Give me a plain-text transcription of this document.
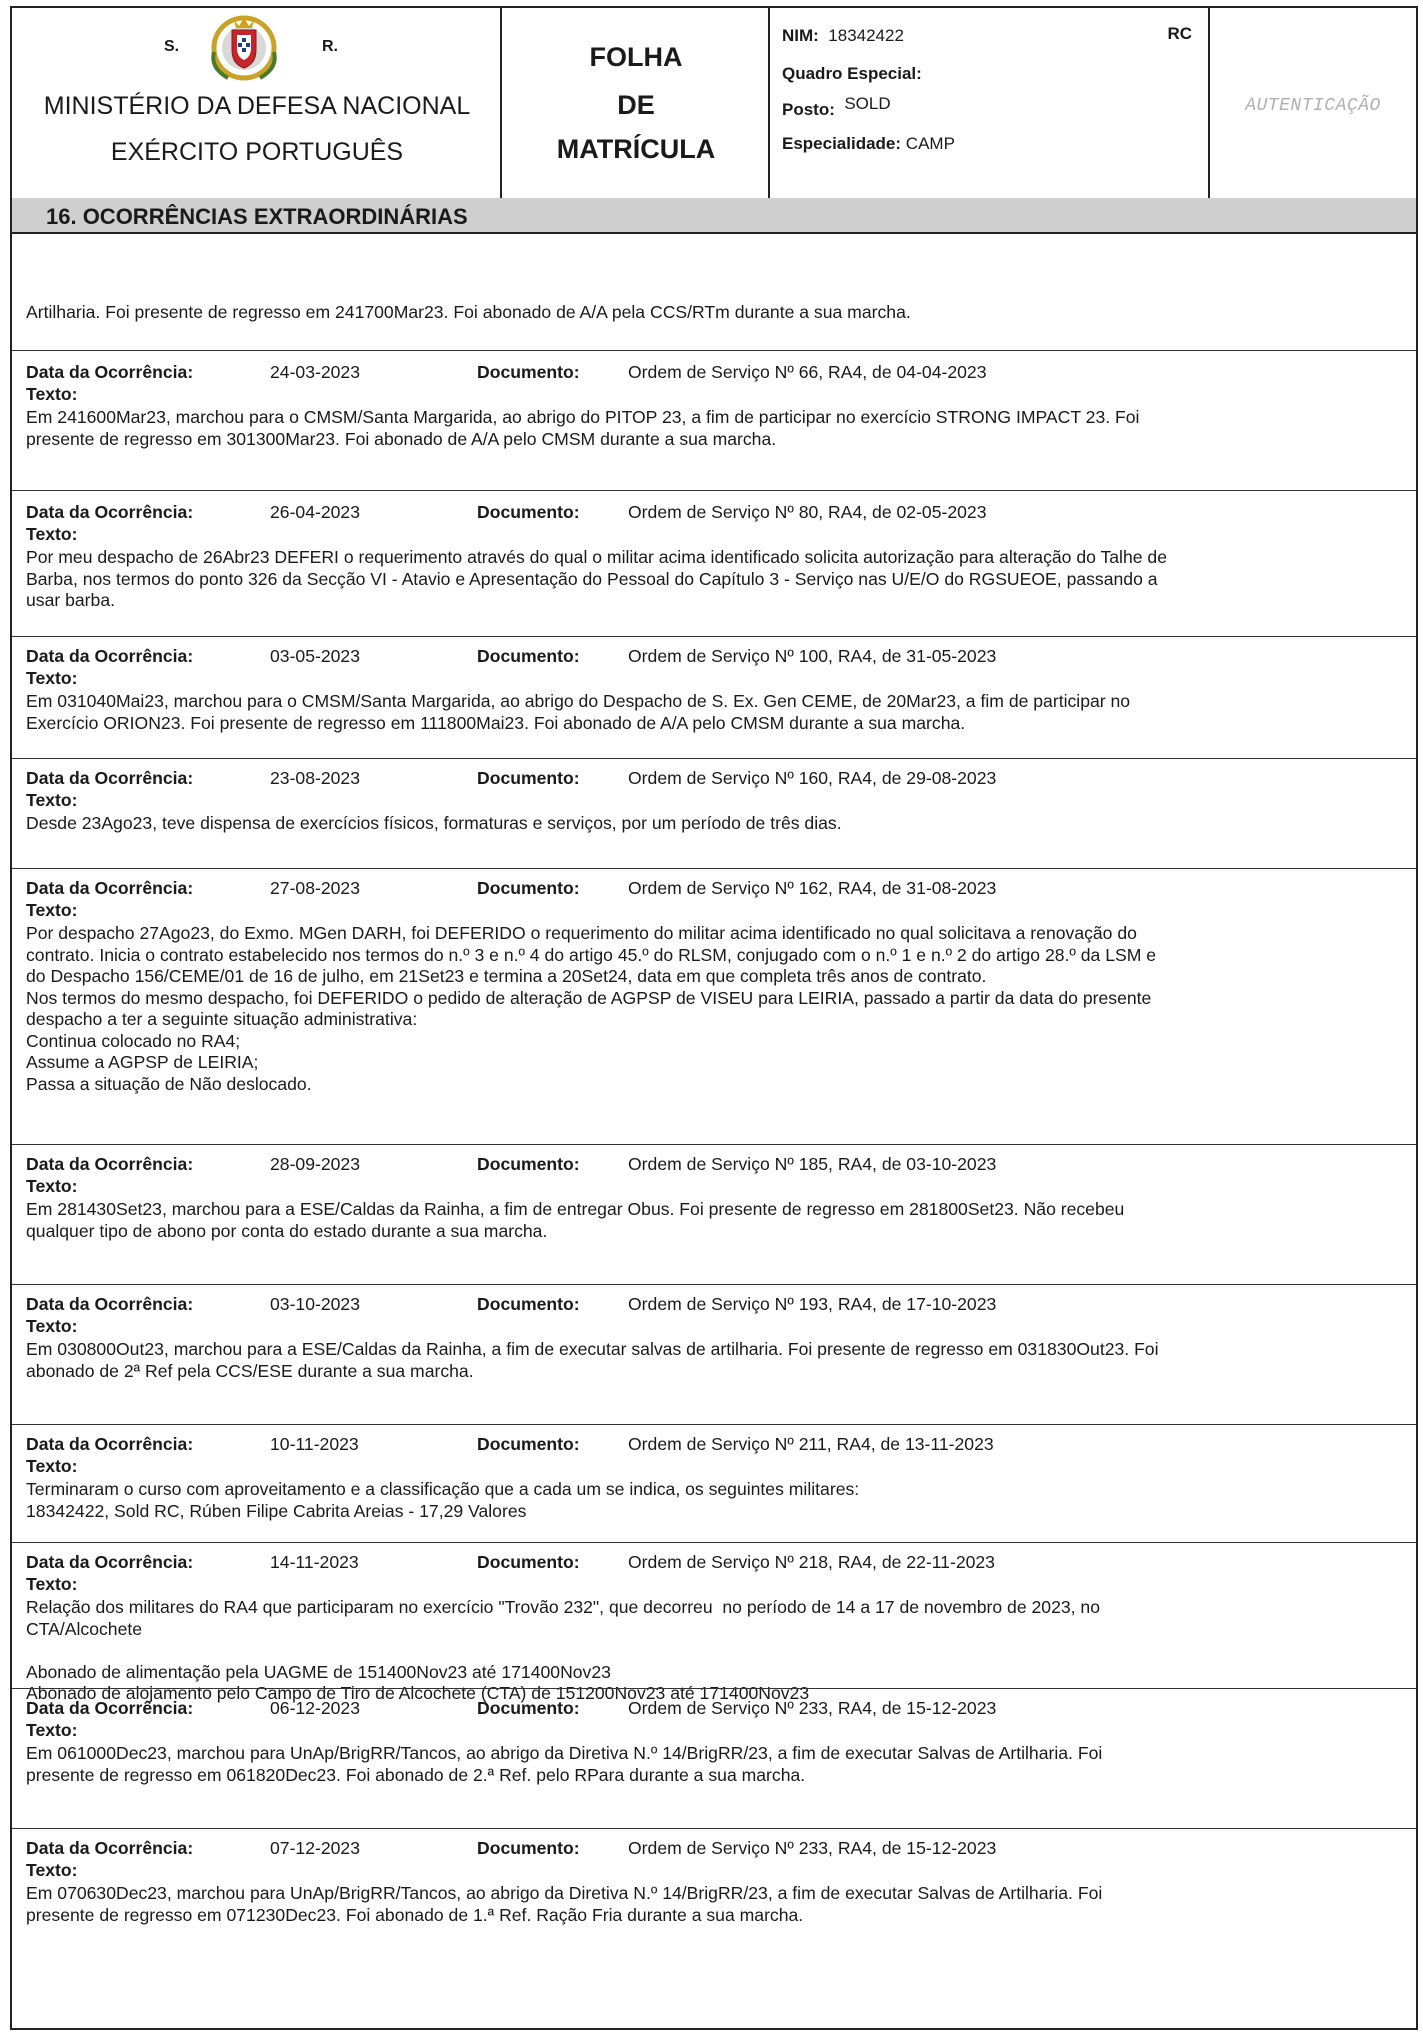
S.	R.
MINISTÉRIO DA DEFESA NACIONAL
EXÉRCITO PORTUGUÊS
FOLHA
DE
MATRÍCULA
NIM: 18342422	RC
Quadro Especial:
Posto: SOLD
Especialidade: CAMP
AUTENTICAÇÃO
16. OCORRÊNCIAS EXTRAORDINÁRIAS
Artilharia. Foi presente de regresso em 241700Mar23. Foi abonado de A/A pela CCS/RTm durante a sua marcha.
Data da Ocorrência:	24-03-2023	Documento:	Ordem de Serviço Nº 66, RA4, de 04-04-2023
Texto:
Em 241600Mar23, marchou para o CMSM/Santa Margarida, ao abrigo do PITOP 23, a fim de participar no exercício STRONG IMPACT 23. Foi
presente de regresso em 301300Mar23. Foi abonado de A/A pelo CMSM durante a sua marcha.
Data da Ocorrência:	26-04-2023	Documento:	Ordem de Serviço Nº 80, RA4, de 02-05-2023
Texto:
Por meu despacho de 26Abr23 DEFERI o requerimento através do qual o militar acima identificado solicita autorização para alteração do Talhe de
Barba, nos termos do ponto 326 da Secção VI - Atavio e Apresentação do Pessoal do Capítulo 3 - Serviço nas U/E/O do RGSUEOE, passando a
usar barba.
Data da Ocorrência:	03-05-2023	Documento:	Ordem de Serviço Nº 100, RA4, de 31-05-2023
Texto:
Em 031040Mai23, marchou para o CMSM/Santa Margarida, ao abrigo do Despacho de S. Ex. Gen CEME, de 20Mar23, a fim de participar no
Exercício ORION23. Foi presente de regresso em 111800Mai23. Foi abonado de A/A pelo CMSM durante a sua marcha.
Data da Ocorrência:	23-08-2023	Documento:	Ordem de Serviço Nº 160, RA4, de 29-08-2023
Texto:
Desde 23Ago23, teve dispensa de exercícios físicos, formaturas e serviços, por um período de três dias.
Data da Ocorrência:	27-08-2023	Documento:	Ordem de Serviço Nº 162, RA4, de 31-08-2023
Texto:
Por despacho 27Ago23, do Exmo. MGen DARH, foi DEFERIDO o requerimento do militar acima identificado no qual solicitava a renovação do
contrato. Inicia o contrato estabelecido nos termos do n.º 3 e n.º 4 do artigo 45.º do RLSM, conjugado com o n.º 1 e n.º 2 do artigo 28.º da LSM e
do Despacho 156/CEME/01 de 16 de julho, em 21Set23 e termina a 20Set24, data em que completa três anos de contrato.
Nos termos do mesmo despacho, foi DEFERIDO o pedido de alteração de AGPSP de VISEU para LEIRIA, passado a partir da data do presente
despacho a ter a seguinte situação administrativa:
Continua colocado no RA4;
Assume a AGPSP de LEIRIA;
Passa a situação de Não deslocado.
Data da Ocorrência:	28-09-2023	Documento:	Ordem de Serviço Nº 185, RA4, de 03-10-2023
Texto:
Em 281430Set23, marchou para a ESE/Caldas da Rainha, a fim de entregar Obus. Foi presente de regresso em 281800Set23. Não recebeu
qualquer tipo de abono por conta do estado durante a sua marcha.
Data da Ocorrência:	03-10-2023	Documento:	Ordem de Serviço Nº 193, RA4, de 17-10-2023
Texto:
Em 030800Out23, marchou para a ESE/Caldas da Rainha, a fim de executar salvas de artilharia. Foi presente de regresso em 031830Out23. Foi
abonado de 2ª Ref pela CCS/ESE durante a sua marcha.
Data da Ocorrência:	10-11-2023	Documento:	Ordem de Serviço Nº 211, RA4, de 13-11-2023
Texto:
Terminaram o curso com aproveitamento e a classificação que a cada um se indica, os seguintes militares:
18342422, Sold RC, Rúben Filipe Cabrita Areias - 17,29 Valores
Data da Ocorrência:	14-11-2023	Documento:	Ordem de Serviço Nº 218, RA4, de 22-11-2023
Texto:
Relação dos militares do RA4 que participaram no exercício "Trovão 232", que decorreu  no período de 14 a 17 de novembro de 2023, no
CTA/Alcochete
Abonado de alimentação pela UAGME de 151400Nov23 até 171400Nov23
Abonado de alojamento pelo Campo de Tiro de Alcochete (CTA) de 151200Nov23 até 171400Nov23
Data da Ocorrência:	06-12-2023	Documento:	Ordem de Serviço Nº 233, RA4, de 15-12-2023
Texto:
Em 061000Dec23, marchou para UnAp/BrigRR/Tancos, ao abrigo da Diretiva N.º 14/BrigRR/23, a fim de executar Salvas de Artilharia. Foi
presente de regresso em 061820Dec23. Foi abonado de 2.ª Ref. pelo RPara durante a sua marcha.
Data da Ocorrência:	07-12-2023	Documento:	Ordem de Serviço Nº 233, RA4, de 15-12-2023
Texto:
Em 070630Dec23, marchou para UnAp/BrigRR/Tancos, ao abrigo da Diretiva N.º 14/BrigRR/23, a fim de executar Salvas de Artilharia. Foi
presente de regresso em 071230Dec23. Foi abonado de 1.ª Ref. Ração Fria durante a sua marcha.
